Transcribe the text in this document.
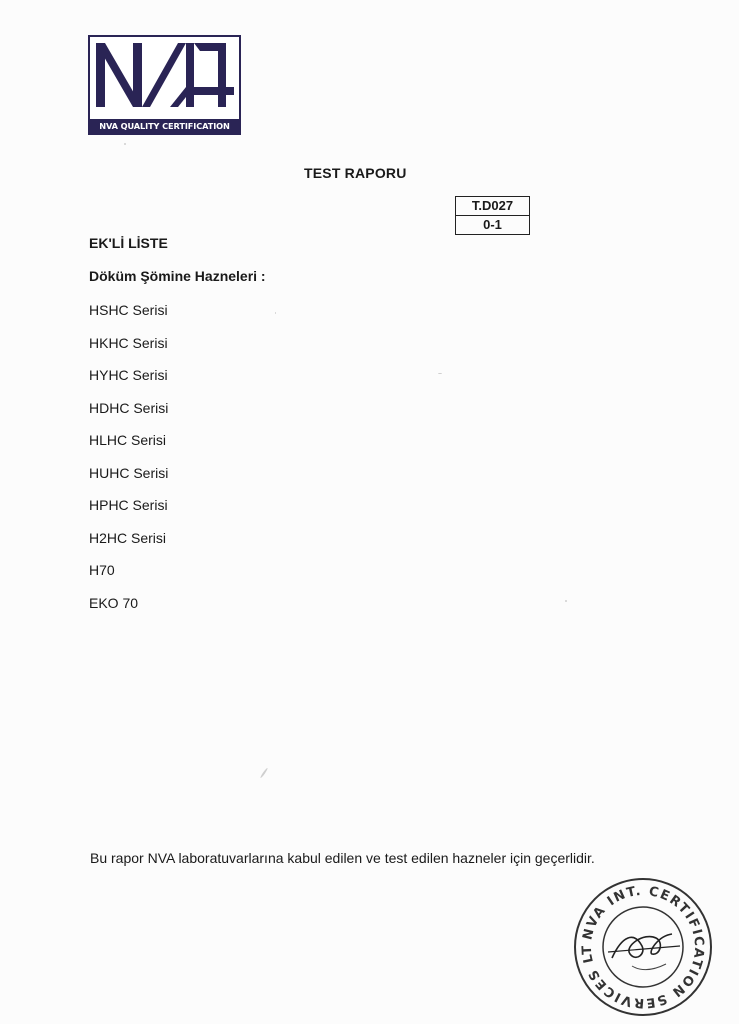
NVA QUALITY CERTIFICATION
TEST RAPORU
T.D027
0-1
EK'Lİ LİSTE
Döküm Şömine Hazneleri :
HSHC Serisi
HKHC Serisi
HYHC Serisi
HDHC Serisi
HLHC Serisi
HUHC Serisi
HPHC Serisi
H2HC Serisi
H70
EKO 70
Bu rapor NVA laboratuvarlarına kabul edilen ve test edilen hazneler için geçerlidir.
NVA INT. CERTIFICATION SERVICES LT
